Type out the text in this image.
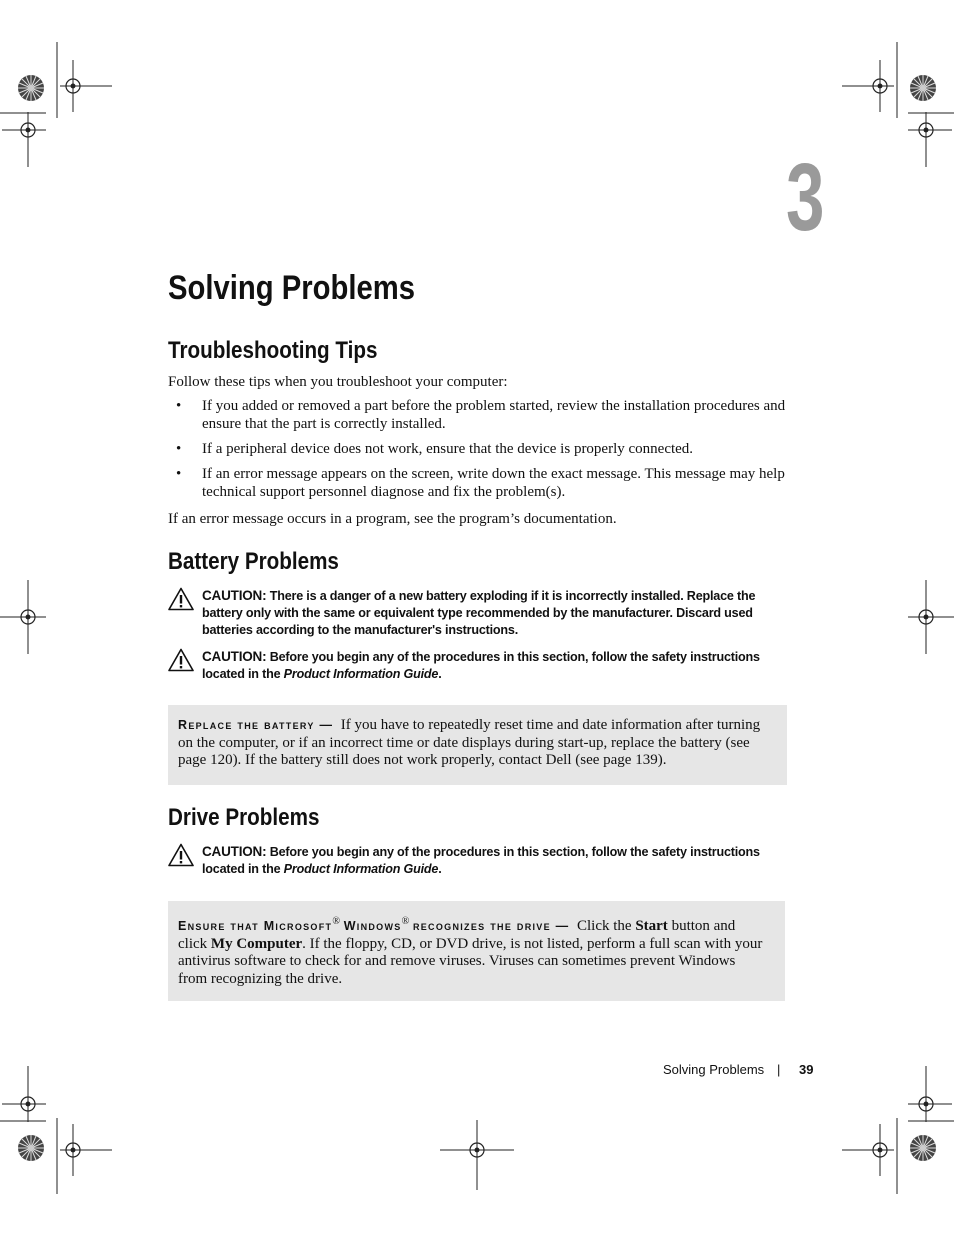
3
Solving Problems
Troubleshooting Tips
Follow these tips when you troubleshoot your computer:
• If you added or removed a part before the problem started, review the installation procedures and ensure that the part is correctly installed.
• If a peripheral device does not work, ensure that the device is properly connected.
• If an error message appears on the screen, write down the exact message. This message may help technical support personnel diagnose and fix the problem(s).
If an error message occurs in a program, see the program’s documentation.
Battery Problems
CAUTION: There is a danger of a new battery exploding if it is incorrectly installed. Replace the battery only with the same or equivalent type recommended by the manufacturer. Discard used batteries according to the manufacturer's instructions.
CAUTION: Before you begin any of the procedures in this section, follow the safety instructions located in the Product Information Guide.
Replace the battery — If you have to repeatedly reset time and date information after turning on the computer, or if an incorrect time or date displays during start-up, replace the battery (see page 120). If the battery still does not work properly, contact Dell (see page 139).
Drive Problems
CAUTION: Before you begin any of the procedures in this section, follow the safety instructions located in the Product Information Guide.
Ensure that Microsoft® Windows® recognizes the drive — Click the Start button and click My Computer. If the floppy, CD, or DVD drive, is not listed, perform a full scan with your antivirus software to check for and remove viruses. Viruses can sometimes prevent Windows from recognizing the drive.
Solving Problems | 39
